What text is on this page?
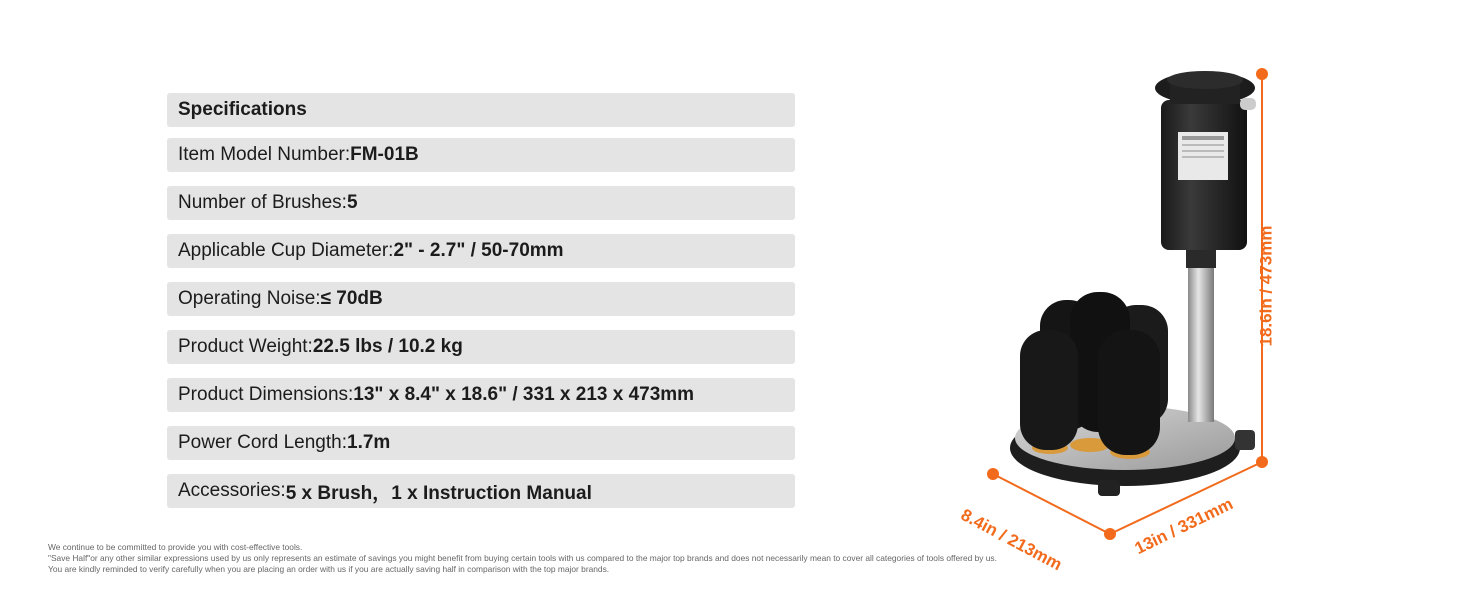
Specifications
Item Model Number: FM-01B
Number of Brushes: 5
Applicable Cup Diameter: 2" - 2.7" / 50-70mm
Operating Noise: ≤ 70dB
Product Weight: 22.5 lbs / 10.2 kg
Product Dimensions: 13" x 8.4" x 18.6" / 331 x 213 x 473mm
Power Cord Length: 1.7m
Accessories: 5 x Brush，1 x Instruction Manual
18.6in / 473mm
8.4in / 213mm	13in / 331mm
We continue to be committed to provide you with cost-effective tools.
"Save Half"or any other similar expressions used by us only represents an estimate of savings you might benefit from buying certain tools with us compared to the major top brands and does not necessarily mean to cover all categories of tools offered by us.
You are kindly reminded to verify carefully when you are placing an order with us if you are actually saving half in comparison with the top major brands.
